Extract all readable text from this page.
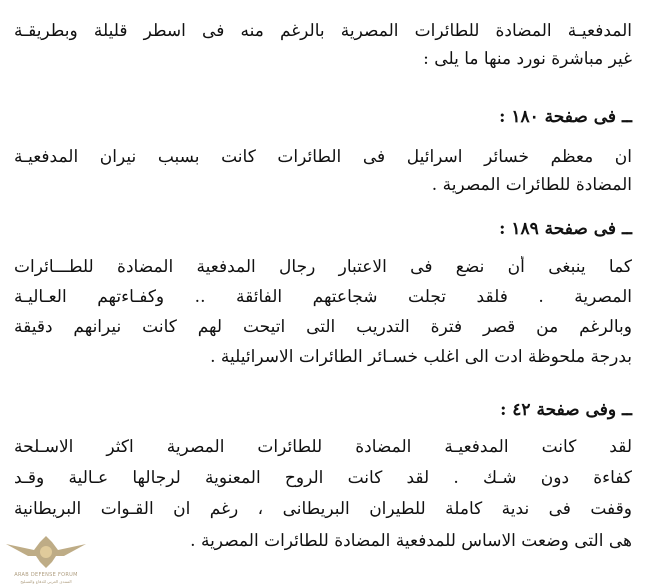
المدفعيـة المضادة للطائرات المصرية بالرغم منه فى اسطر قليلة وبطريقـة
غير مباشرة نورد منها ما يلى :
ــ
فى صفحة ١٨٠ :
ان معظم خسائر اسرائيل فى الطائرات كانت بسبب نيران المدفعيـة
المضادة للطائرات المصرية .
ــ
فى صفحة ١٨٩ :
كما ينبغى أن نضع فى الاعتبار رجال المدفعية المضادة للطـــائرات
المصرية . فلقد تجلت شجاعتهم الفائقة .. وكفـاءتهم العـاليـة
وبالرغم من قصر فترة التدريب التى اتيحت لهم كانت نيرانهم دقيقة
بدرجة ملحوظة ادت الى اغلب خسـائر الطائرات الاسرائيلية .
ــ
وفى صفحة ٤٢ :
لقد كانت المدفعيـة المضادة للطائرات المصرية اكثر الاسـلحة
كفاءة دون شـك . لقد كانت الروح المعنوية لرجالها عـالية وقـد
وقفت فى ندية كاملة للطيران البريطانى ، رغم ان القـوات البريطانية
هى التى وضعت الاساس للمدفعية المضادة للطائرات المصرية .
ARAB DEFENSE FORUM
المنتدى العربي للدفاع والتسليح
